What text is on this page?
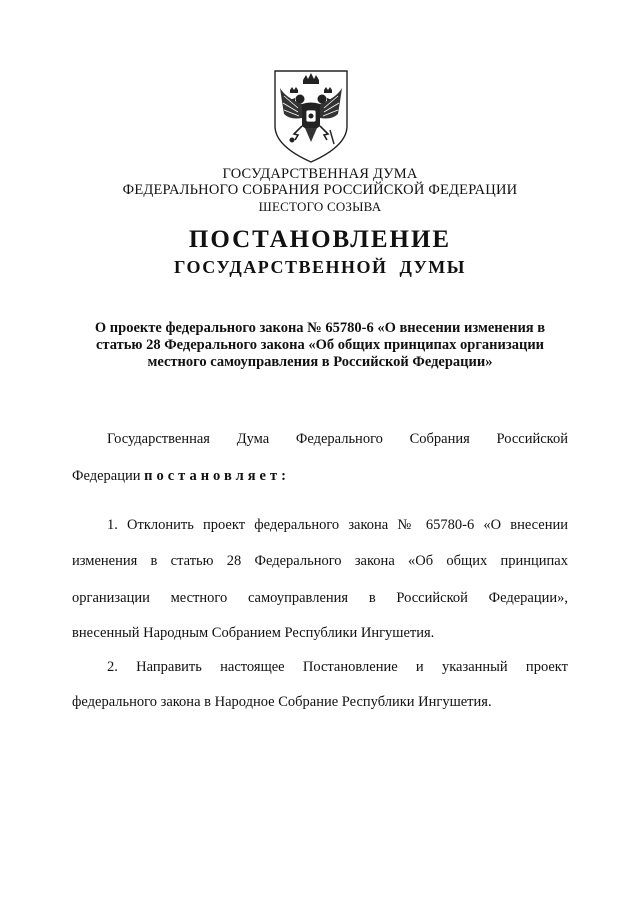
ГОСУДАРСТВЕННАЯ ДУМА
ФЕДЕРАЛЬНОГО СОБРАНИЯ РОССИЙСКОЙ ФЕДЕРАЦИИ
ШЕСТОГО СОЗЫВА
ПОСТАНОВЛЕНИЕ
ГОСУДАРСТВЕННОЙ ДУМЫ
О проекте федерального закона № 65780-6 «О внесении изменения в
статью 28 Федерального закона «Об общих принципах организации
местного самоуправления в Российской Федерации»
Государственная Дума Федерального Собрания Российской
Федерации постановляет:
1. Отклонить проект федерального закона № 65780-6 «О внесении
изменения в статью 28 Федерального закона «Об общих принципах
организации местного самоуправления в Российской Федерации»,
внесенный Народным Собранием Республики Ингушетия.
2. Направить настоящее Постановление и указанный проект
федерального закона в Народное Собрание Республики Ингушетия.
